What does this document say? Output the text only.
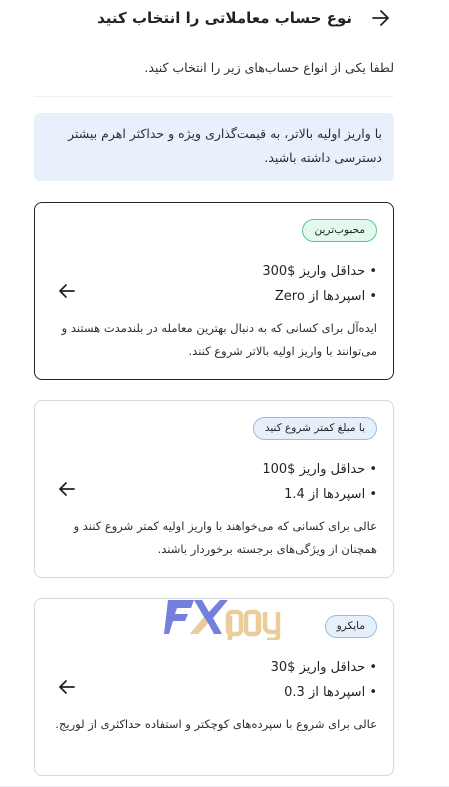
نوع حساب معاملاتی را انتخاب کنید
لطفا یکی از انواع حساب‌های زیر را انتخاب کنید.
با واریز اولیه بالاتر، به قیمت‌گذاری ویژه و حداکثر اهرم بیشتر دسترسی داشته باشید.
محبوب‌ترین
• حداقل واریز $300
• اسپردها از Zero
ایده‌آل برای کسانی که به دنبال بهترین معامله در بلندمدت هستند و می‌توانند با واریز اولیه بالاتر شروع کنند.
با مبلغ کمتر شروع کنید
• حداقل واریز $100
• اسپردها از 1.4
عالی برای کسانی که می‌خواهند با واریز اولیه کمتر شروع کنند و همچنان از ویژگی‌های برجسته برخوردار باشند.
مایکرو
• حداقل واریز $30
• اسپردها از 0.3
عالی برای شروع با سپرده‌های کوچکتر و استفاده حداکثری از لوریج.
